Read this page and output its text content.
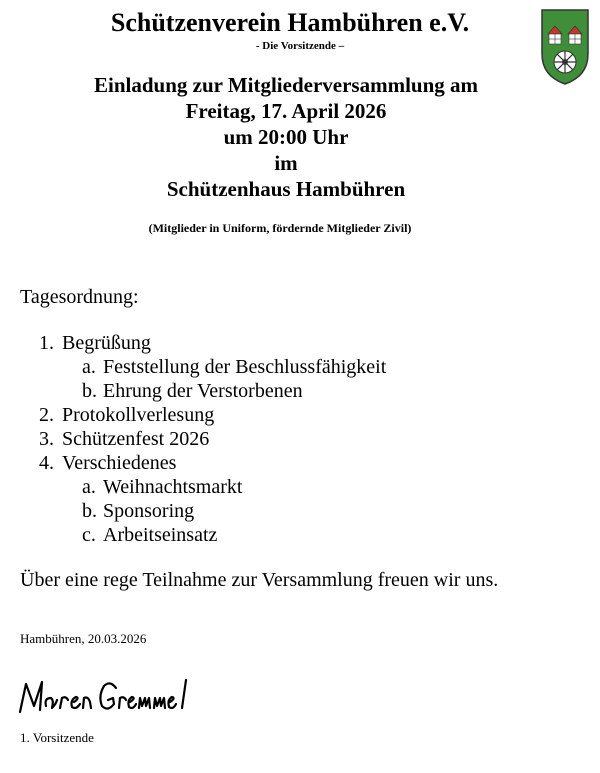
Schützenverein Hambühren e.V.
- Die Vorsitzende –
Einladung zur Mitgliederversammlung am
Freitag, 17. April 2026
um 20:00 Uhr
im
Schützenhaus Hambühren
(Mitglieder in Uniform, fördernde Mitglieder Zivil)
Tagesordnung:
1. Begrüßung
a. Feststellung der Beschlussfähigkeit
b. Ehrung der Verstorbenen
2. Protokollverlesung
3. Schützenfest 2026
4. Verschiedenes
a. Weihnachtsmarkt
b. Sponsoring
c. Arbeitseinsatz
Über eine rege Teilnahme zur Versammlung freuen wir uns.
Hambühren, 20.03.2026
1. Vorsitzende
